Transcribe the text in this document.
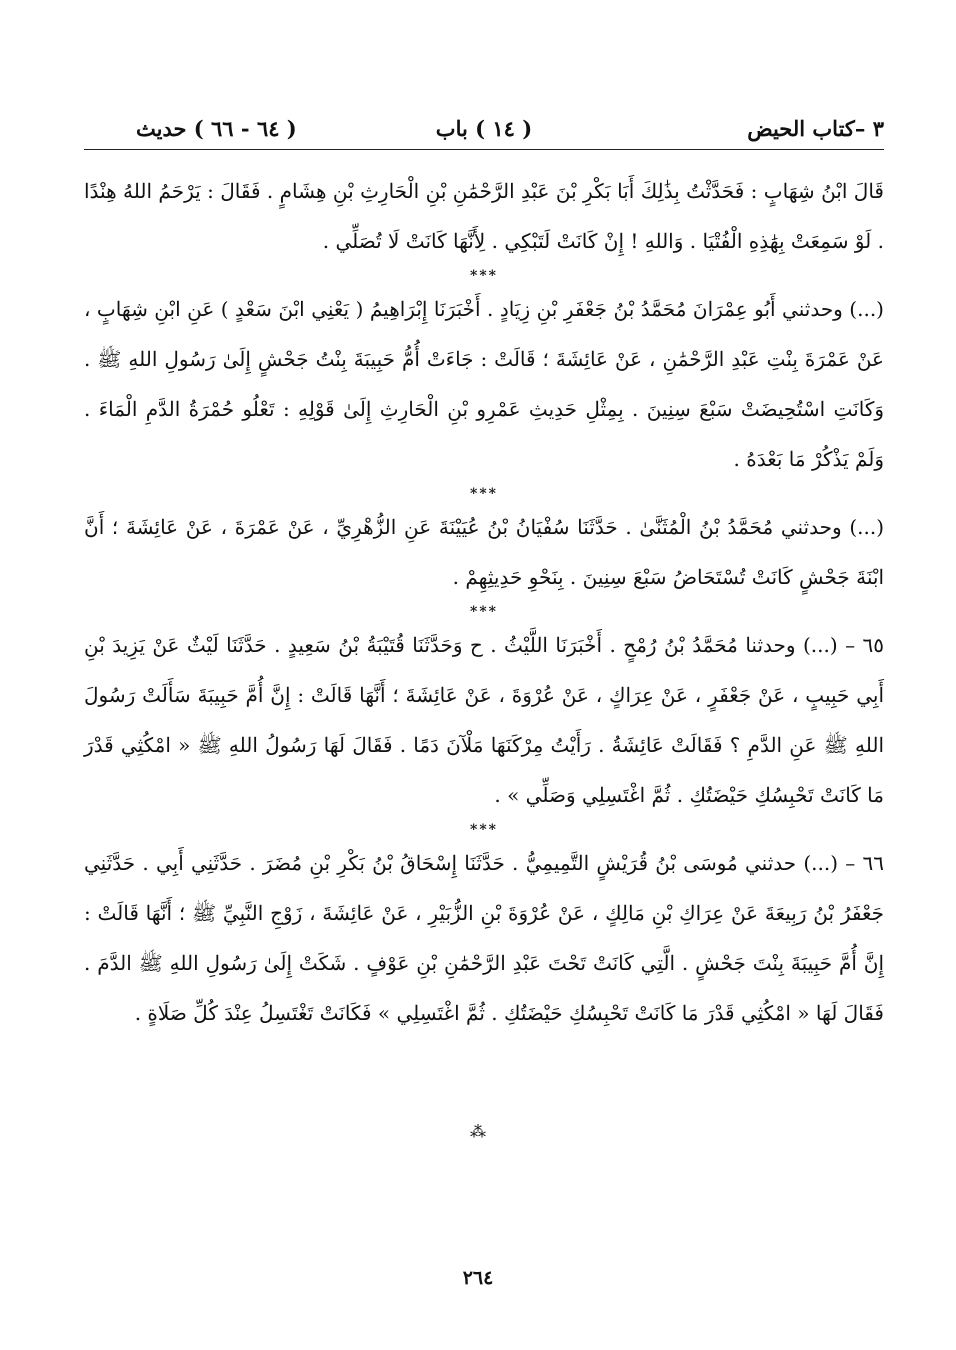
٣ –كتاب الحيض
( ١٤ ) باب
( ٦٤ - ٦٦ ) حديث

قَالَ ابْنُ شِهَابٍ : فَحَدَّثْتُ بِذَٰلِكَ أَبَا بَكْرِ بْنَ عَبْدِ الرَّحْمَٰنِ بْنِ الْحَارِثِ بْنِ هِشَامٍ . فَقَالَ : يَرْحَمُ اللهُ هِنْدًا . لَوْ سَمِعَتْ بِهَٰذِهِ الْفُتْيَا . وَاللهِ ! إِنْ كَانَتْ لَتَبْكِي . لِأَنَّهَا كَانَتْ لَا تُصَلِّي .

***

(...) وحدثني أَبُو عِمْرَانَ مُحَمَّدُ بْنُ جَعْفَرِ بْنِ زِيَادٍ . أَخْبَرَنَا إِبْرَاهِيمُ ( يَعْنِي ابْنَ سَعْدٍ ) عَنِ ابْنِ شِهَابٍ ، عَنْ عَمْرَةَ بِنْتِ عَبْدِ الرَّحْمَٰنِ ، عَنْ عَائِشَةَ ؛ قَالَتْ : جَاءَتْ أُمُّ حَبِيبَةَ بِنْتُ جَحْشٍ إِلَىٰ رَسُولِ اللهِ ﷺ . وَكَانَتِ اسْتُحِيضَتْ سَبْعَ سِنِينَ . بِمِثْلِ حَدِيثِ عَمْرِو بْنِ الْحَارِثِ إِلَىٰ قَوْلِهِ : تَعْلُو حُمْرَةُ الدَّمِ الْمَاءَ . وَلَمْ يَذْكُرْ مَا بَعْدَهُ .

***

(...) وحدثني مُحَمَّدُ بْنُ الْمُثَنَّىٰ . حَدَّثَنَا سُفْيَانُ بْنُ عُيَيْنَةَ عَنِ الزُّهْرِيِّ ، عَنْ عَمْرَةَ ، عَنْ عَائِشَةَ ؛ أَنَّ ابْنَةَ جَحْشٍ كَانَتْ تُسْتَحَاضُ سَبْعَ سِنِينَ . بِنَحْوِ حَدِيثِهِمْ .

***

٦٥ – (...) وحدثنا مُحَمَّدُ بْنُ رُمْحٍ . أَخْبَرَنَا اللَّيْثُ . ح وَحَدَّثَنَا قُتَيْبَةُ بْنُ سَعِيدٍ . حَدَّثَنَا لَيْثٌ عَنْ يَزِيدَ بْنِ أَبِي حَبِيبٍ ، عَنْ جَعْفَرٍ ، عَنْ عِرَاكٍ ، عَنْ عُرْوَةَ ، عَنْ عَائِشَةَ ؛ أَنَّهَا قَالَتْ : إِنَّ أُمَّ حَبِيبَةَ سَأَلَتْ رَسُولَ اللهِ ﷺ عَنِ الدَّمِ ؟ فَقَالَتْ عَائِشَةُ . رَأَيْتُ مِرْكَنَهَا مَلْآنَ دَمًا . فَقَالَ لَهَا رَسُولُ اللهِ ﷺ « امْكُثِي قَدْرَ مَا كَانَتْ تَحْبِسُكِ حَيْضَتُكِ . ثُمَّ اغْتَسِلِي وَصَلِّي » .

***

٦٦ – (...) حدثني مُوسَى بْنُ قُرَيْشٍ التَّمِيمِيُّ . حَدَّثَنَا إِسْحَاقُ بْنُ بَكْرِ بْنِ مُضَرَ . حَدَّثَنِي أَبِي . حَدَّثَنِي جَعْفَرُ بْنُ رَبِيعَةَ عَنْ عِرَاكِ بْنِ مَالِكٍ ، عَنْ عُرْوَةَ بْنِ الزُّبَيْرِ ، عَنْ عَائِشَةَ ، زَوْجِ النَّبِيِّ ﷺ ؛ أَنَّهَا قَالَتْ : إِنَّ أُمَّ حَبِيبَةَ بِنْتَ جَحْشٍ . الَّتِي كَانَتْ تَحْتَ عَبْدِ الرَّحْمَٰنِ بْنِ عَوْفٍ . شَكَتْ إِلَىٰ رَسُولِ اللهِ ﷺ الدَّمَ . فَقَالَ لَهَا « امْكُثِي قَدْرَ مَا كَانَتْ تَحْبِسُكِ حَيْضَتُكِ . ثُمَّ اغْتَسِلِي » فَكَانَتْ تَغْتَسِلُ عِنْدَ كُلِّ صَلَاةٍ .

⁂
٢٦٤
